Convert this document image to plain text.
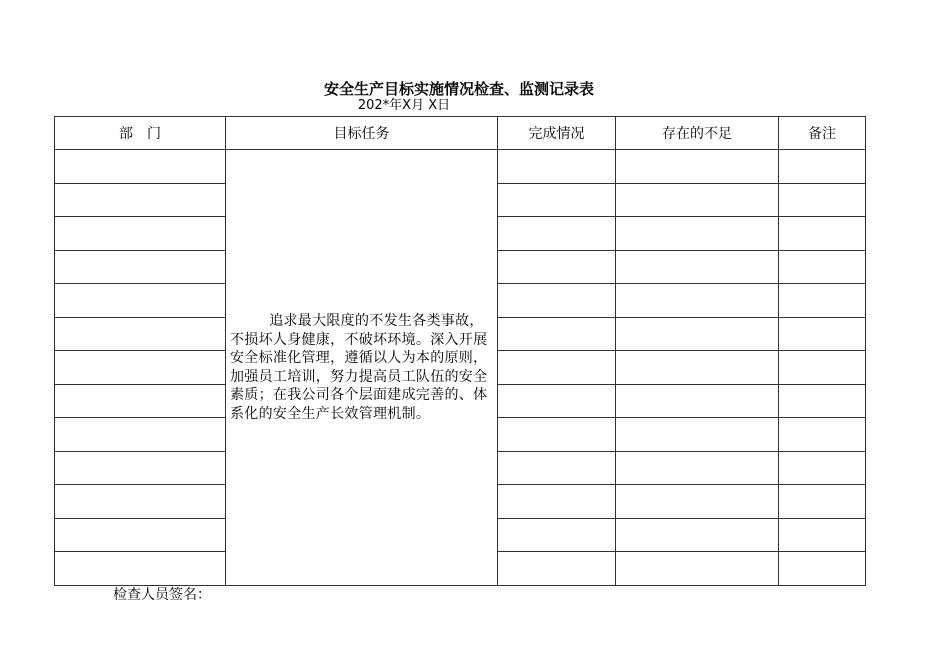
安全生产目标实施情况检查、监测记录表
202*年X月 X日
部　门	目标任务	完成情况	存在的不足	备注

	追求最大限度的不发生各类事故，不损坏人身健康，不破坏环境。深入开展安全标准化管理，遵循以人为本的原则，加强员工培训，努力提高员工队伍的安全素质；在我公司各个层面建成完善的、体系化的安全生产长效管理机制。			

检查人员签名：
